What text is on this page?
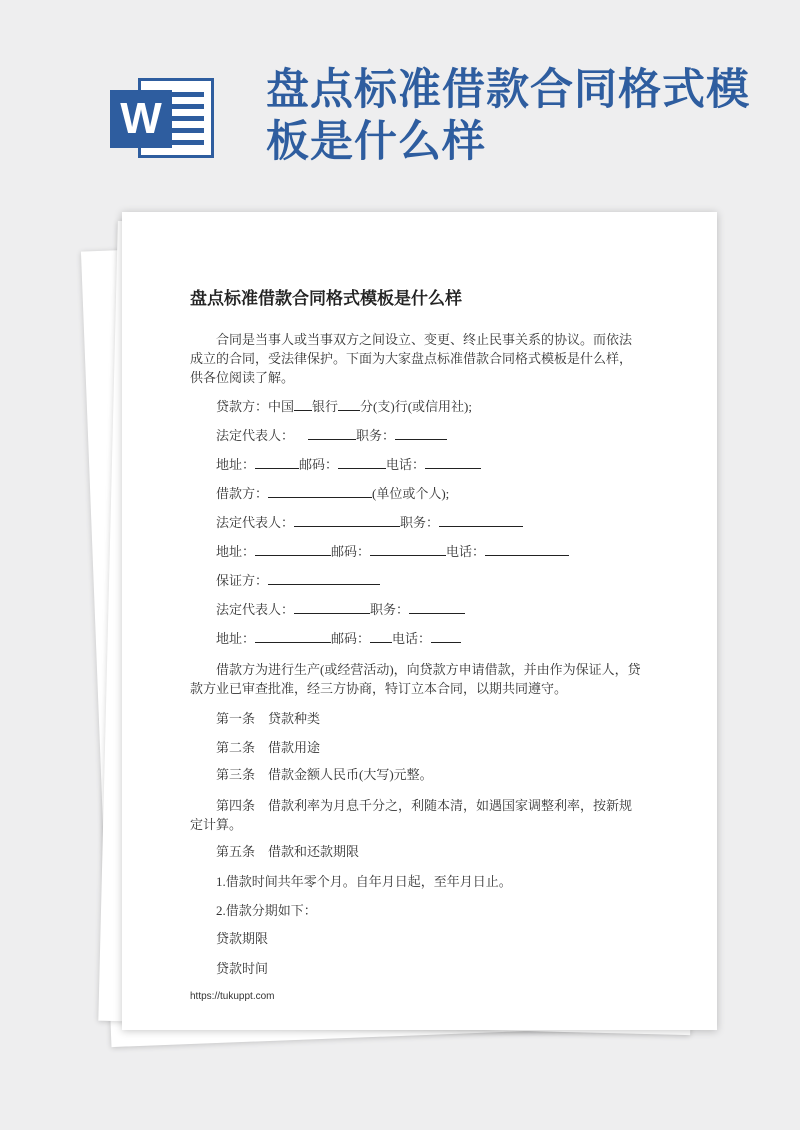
W
盘点标准借款合同格式模板是什么样
盘点标准借款合同格式模板是什么样

合同是当事人或当事双方之间设立、变更、终止民事关系的协议。而依法成立的合同，受法律保护。下面为大家盘点标准借款合同格式模板是什么样，供各位阅读了解。

贷款方：中国 银行 分(支)行(或信用社);

法定代表人：	职务：

地址：	邮码：	电话：

借款方：	(单位或个人);

法定代表人：	职务：

地址：	邮码：	电话：

保证方：

法定代表人：	职务：

地址：	邮码： 电话：

借款方为进行生产(或经营活动)，向贷款方申请借款，并由作为保证人，贷款方业已审查批准，经三方协商，特订立本合同，以期共同遵守。

第一条　贷款种类

第二条　借款用途

第三条　借款金额人民币(大写)元整。

第四条　借款利率为月息千分之，利随本清，如遇国家调整利率，按新规定计算。

第五条　借款和还款期限

1.借款时间共年零个月。自年月日起，至年月日止。

2.借款分期如下：

贷款期限

贷款时间

https://tukuppt.com
